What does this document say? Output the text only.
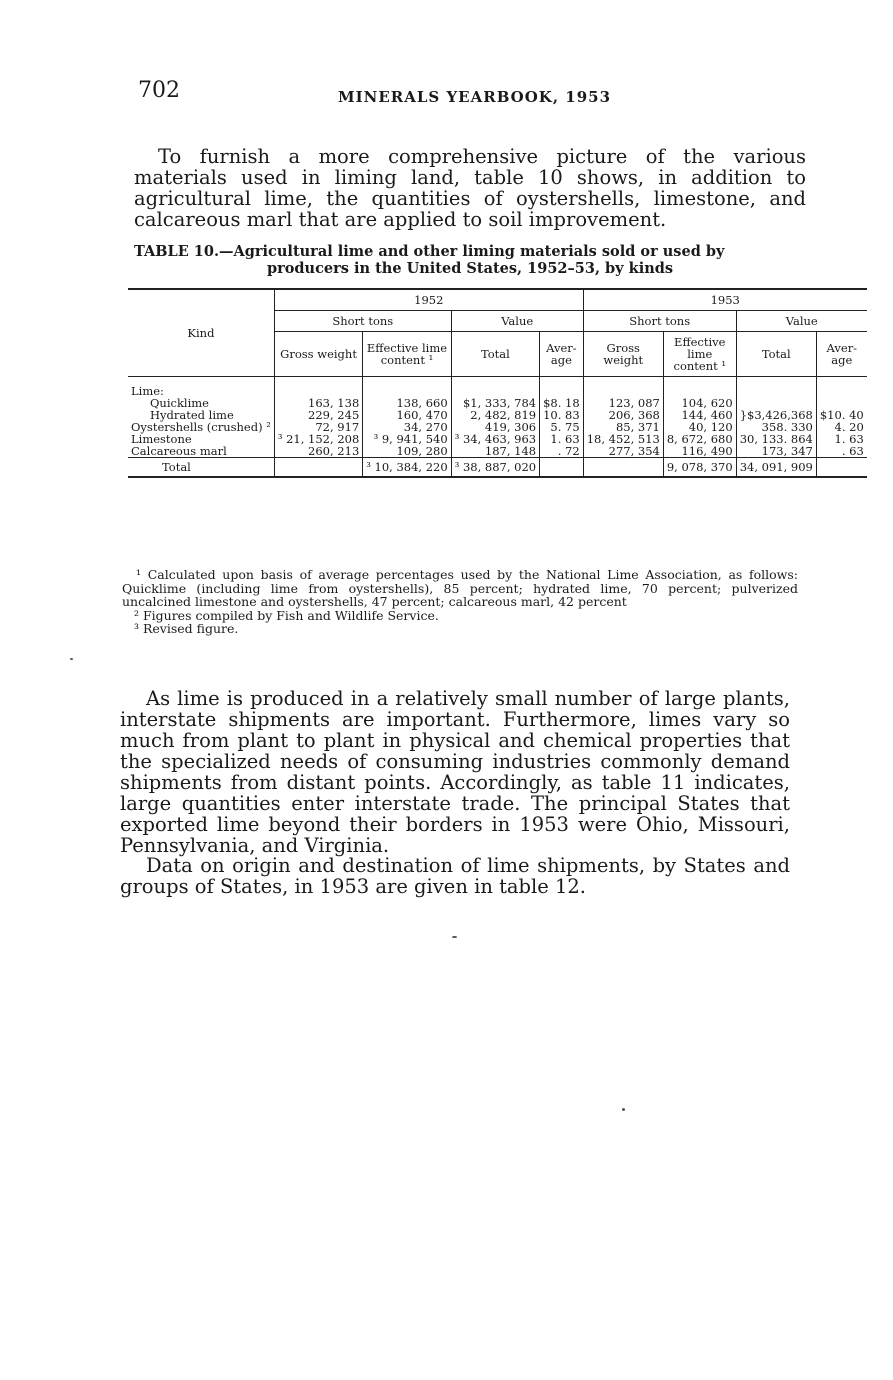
702	MINERALS YEARBOOK, 1953

To furnish a more comprehensive picture of the various materials used in liming land, table 10 shows, in addition to agricultural lime, the quantities of oystershells, limestone, and calcareous marl that are applied to soil improvement.

TABLE 10.—Agricultural lime and other liming materials sold or used by
producers in the United States, 1952–53, by kinds
Kind	1952				1953			
	Short tons		Value		Short tons		Value	
	Gross weight	Effective lime content ¹	Total	Aver-age	Gross weight	Effective lime content ¹	Total	Aver-age
Lime:								
Quicklime	163, 138	138, 660	$1, 333, 784	$8. 18	123, 087	104, 620		
Hydrated lime	229, 245	160, 470	2, 482, 819	10. 83	206, 368	144, 460	}$3,426,368	$10. 40
Oystershells (crushed) ²	72, 917	34, 270	419, 306	5. 75	85, 371	40, 120	358. 330	4. 20
Limestone	³ 21, 152, 208	³ 9, 941, 540	³ 34, 463, 963	1. 63	18, 452, 513	8, 672, 680	30, 133. 864	1. 63
Calcareous marl	260, 213	109, 280	187, 148	. 72	277, 354	116, 490	173, 347	. 63
Total		³ 10, 384, 220	³ 38, 887, 020			9, 078, 370	34, 091, 909	
¹ Calculated upon basis of average percentages used by the National Lime Association, as follows: Quicklime (including lime from oystershells), 85 percent; hydrated lime, 70 percent; pulverized uncalcined limestone and oystershells, 47 percent; calcareous marl, 42 percent
² Figures compiled by Fish and Wildlife Service.
³ Revised figure.

As lime is produced in a relatively small number of large plants, interstate shipments are important. Furthermore, limes vary so much from plant to plant in physical and chemical properties that the specialized needs of consuming industries commonly demand shipments from distant points. Accordingly, as table 11 indicates, large quantities enter interstate trade. The principal States that exported lime beyond their borders in 1953 were Ohio, Missouri, Pennsylvania, and Virginia.

Data on origin and destination of lime shipments, by States and groups of States, in 1953 are given in table 12.
